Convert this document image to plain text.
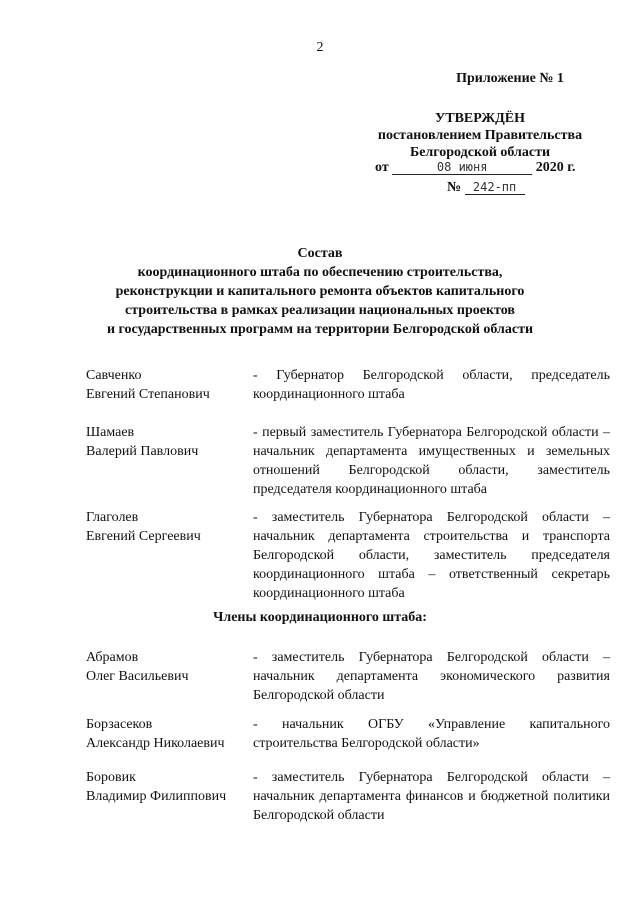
2
Приложение № 1
УТВЕРЖДЁН
постановлением Правительства
Белгородской области
от	08 июня	2020 г.
№ 242-пп
Состав
координационного штаба по обеспечению строительства,
реконструкции и капитального ремонта объектов капитального
строительства в рамках реализации национальных проектов
и государственных программ на территории Белгородской области
Савченко
Евгений Степанович
- Губернатор Белгородской области, председатель координационного штаба
Шамаев
Валерий Павлович
- первый заместитель Губернатора Белгородской области – начальник департамента имущественных и земельных отношений Белгородской области, заместитель председателя координационного штаба
Глаголев
Евгений Сергеевич
- заместитель Губернатора Белгородской области – начальник департамента строительства и транспорта Белгородской области, заместитель председателя координационного штаба – ответственный секретарь координационного штаба
Члены координационного штаба:
Абрамов
Олег Васильевич
- заместитель Губернатора Белгородской области – начальник департамента экономического развития Белгородской области
Борзасеков
Александр Николаевич
- начальник ОГБУ «Управление капитального строительства Белгородской области»
Боровик
Владимир Филиппович
- заместитель Губернатора Белгородской области – начальник департамента финансов и бюджетной политики Белгородской области
